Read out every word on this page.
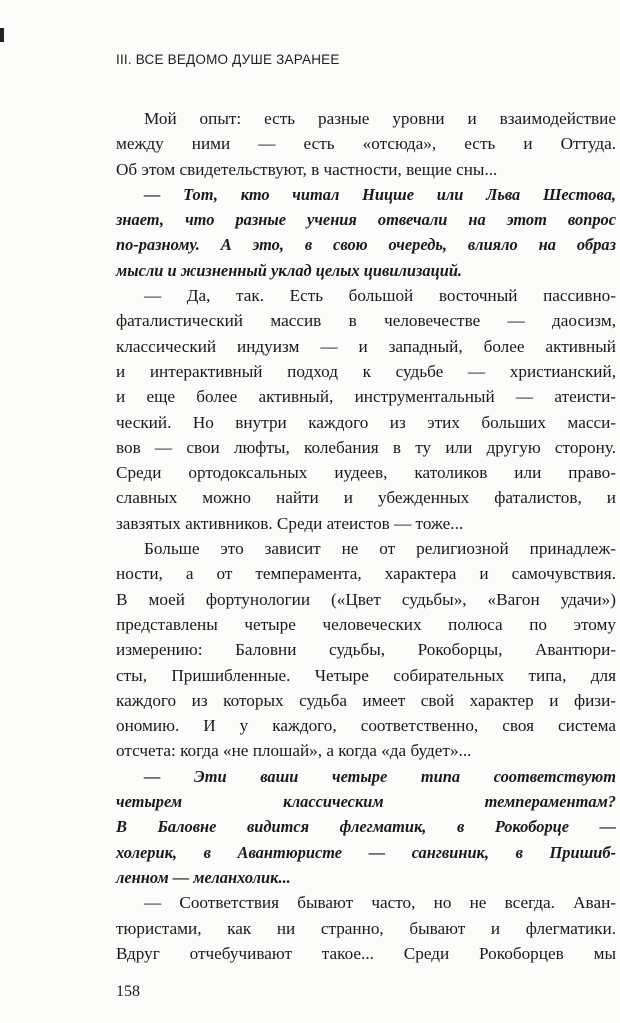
III. ВСЕ ВЕДОМО ДУШЕ ЗАРАНЕЕ
Мой опыт: есть разные уровни и взаимодействие
между ними — есть «отсюда», есть и Оттуда.
Об этом свидетельствуют, в частности, вещие сны...
— Тот, кто читал Ницше или Льва Шестова,
знает, что разные учения отвечали на этот вопрос
по-разному. А это, в свою очередь, влияло на образ
мысли и жизненный уклад целых цивилизаций.
— Да, так. Есть большой восточный пассивно-
фаталистический массив в человечестве — даосизм,
классический индуизм — и западный, более активный
и интерактивный подход к судьбе — христианский,
и еще более активный, инструментальный — атеисти-
ческий. Но внутри каждого из этих больших масси-
вов — свои люфты, колебания в ту или другую сторону.
Среди ортодоксальных иудеев, католиков или право-
славных можно найти и убежденных фаталистов, и
завзятых активников. Среди атеистов — тоже...
Больше это зависит не от религиозной принадлеж-
ности, а от темперамента, характера и самочувствия.
В моей фортунологии («Цвет судьбы», «Вагон удачи»)
представлены четыре человеческих полюса по этому
измерению: Баловни судьбы, Рокоборцы, Авантюри-
сты, Пришибленные. Четыре собирательных типа, для
каждого из которых судьба имеет свой характер и физи-
ономию. И у каждого, соответственно, своя система
отсчета: когда «не плошай», а когда «да будет»...
— Эти ваши четыре типа соответствуют
четырем классическим темпераментам?
В Баловне видится флегматик, в Рокоборце —
холерик, в Авантюристе — сангвиник, в Пришиб-
ленном — меланхолик...
— Соответствия бывают часто, но не всегда. Аван-
тюристами, как ни странно, бывают и флегматики.
Вдруг отчебучивают такое... Среди Рокоборцев мы
158
